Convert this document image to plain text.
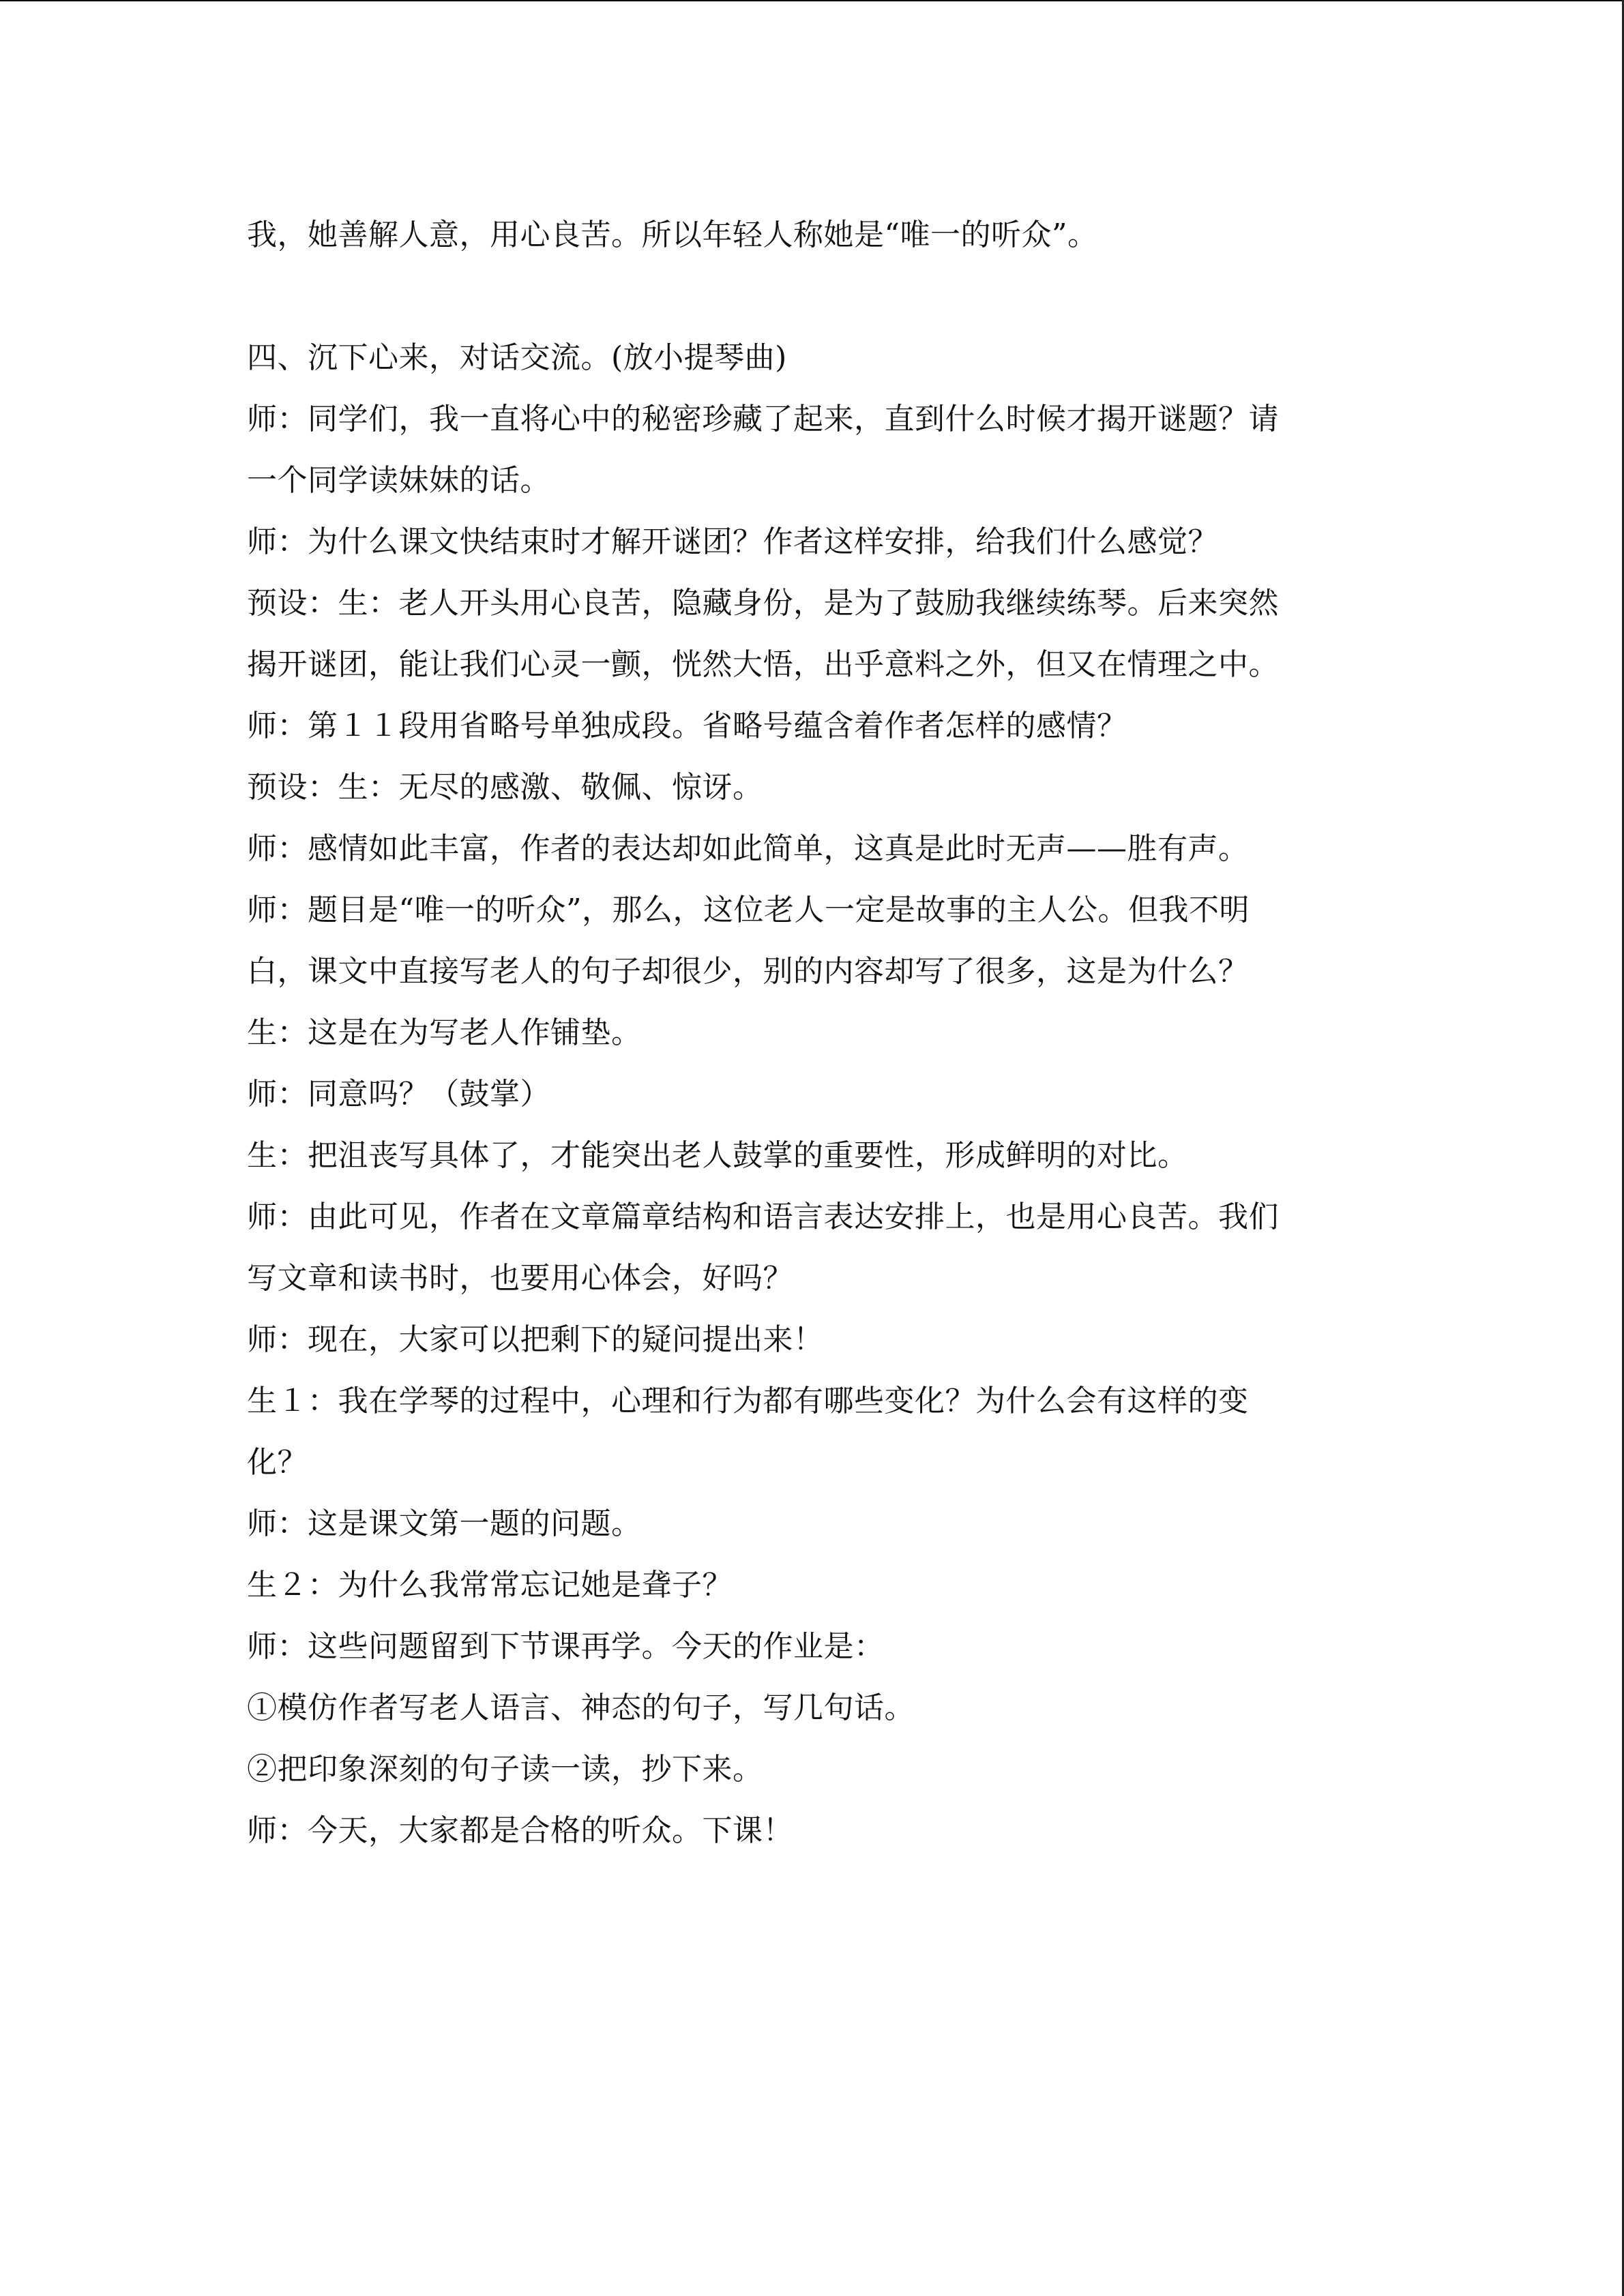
我，她善解人意，用心良苦。所以年轻人称她是“唯一的听众”。
四、沉下心来，对话交流。(放小提琴曲)
师：同学们，我一直将心中的秘密珍藏了起来，直到什么时候才揭开谜题？请
一个同学读妹妹的话。
师：为什么课文快结束时才解开谜团？作者这样安排，给我们什么感觉？
预设：生：老人开头用心良苦，隐藏身份，是为了鼓励我继续练琴。后来突然
揭开谜团，能让我们心灵一颤，恍然大悟，出乎意料之外，但又在情理之中。
师：第１１段用省略号单独成段。省略号蕴含着作者怎样的感情？
预设：生：无尽的感激、敬佩、惊讶。
师：感情如此丰富，作者的表达却如此简单，这真是此时无声——胜有声。
师：题目是“唯一的听众”，那么，这位老人一定是故事的主人公。但我不明
白，课文中直接写老人的句子却很少，别的内容却写了很多，这是为什么？
生：这是在为写老人作铺垫。
师：同意吗？（鼓掌）
生：把沮丧写具体了，才能突出老人鼓掌的重要性，形成鲜明的对比。
师：由此可见，作者在文章篇章结构和语言表达安排上，也是用心良苦。我们
写文章和读书时，也要用心体会，好吗？
师：现在，大家可以把剩下的疑问提出来！
生１：我在学琴的过程中，心理和行为都有哪些变化？为什么会有这样的变
化？
师：这是课文第一题的问题。
生２：为什么我常常忘记她是聋子？
师：这些问题留到下节课再学。今天的作业是：
①模仿作者写老人语言、神态的句子，写几句话。
②把印象深刻的句子读一读，抄下来。
师：今天，大家都是合格的听众。下课！
